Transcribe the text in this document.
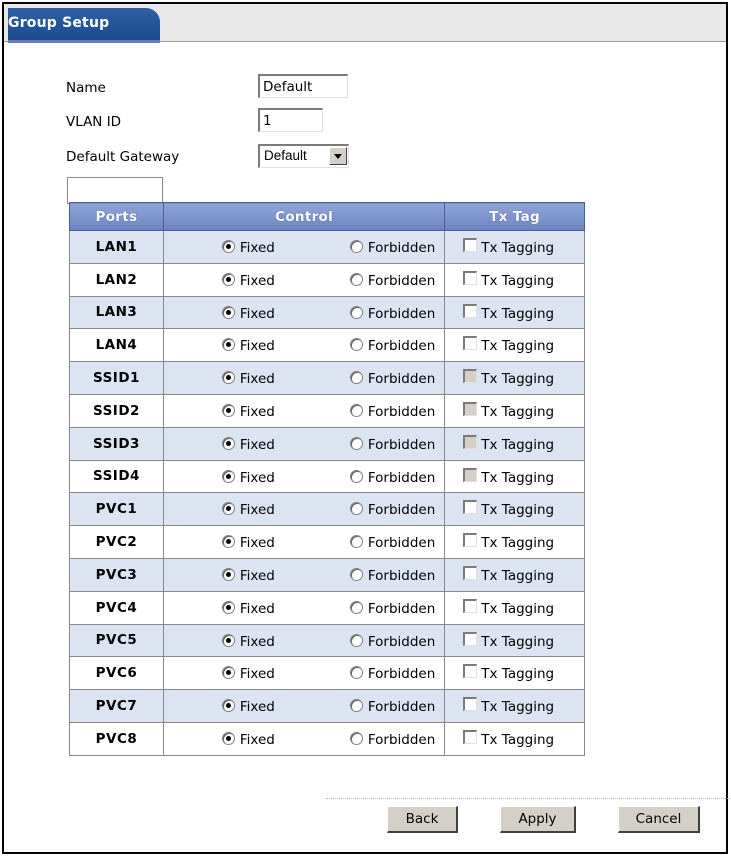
Group Setup
Name
Default
VLAN ID
1
Default Gateway	Default
Ports	Control	Tx Tag
LAN1	Fixed Forbidden	Tx Tagging

LAN2	Fixed Forbidden	Tx Tagging

LAN3	Fixed Forbidden	Tx Tagging

LAN4	Fixed Forbidden	Tx Tagging

SSID1	Fixed Forbidden	Tx Tagging

SSID2	Fixed Forbidden	Tx Tagging

SSID3	Fixed Forbidden	Tx Tagging

SSID4	Fixed Forbidden	Tx Tagging

PVC1	Fixed Forbidden	Tx Tagging

PVC2	Fixed Forbidden	Tx Tagging

PVC3	Fixed Forbidden	Tx Tagging

PVC4	Fixed Forbidden	Tx Tagging

PVC5	Fixed Forbidden	Tx Tagging

PVC6	Fixed Forbidden	Tx Tagging

PVC7	Fixed Forbidden	Tx Tagging

PVC8	Fixed Forbidden	Tx Tagging
Back	Apply	Cancel
